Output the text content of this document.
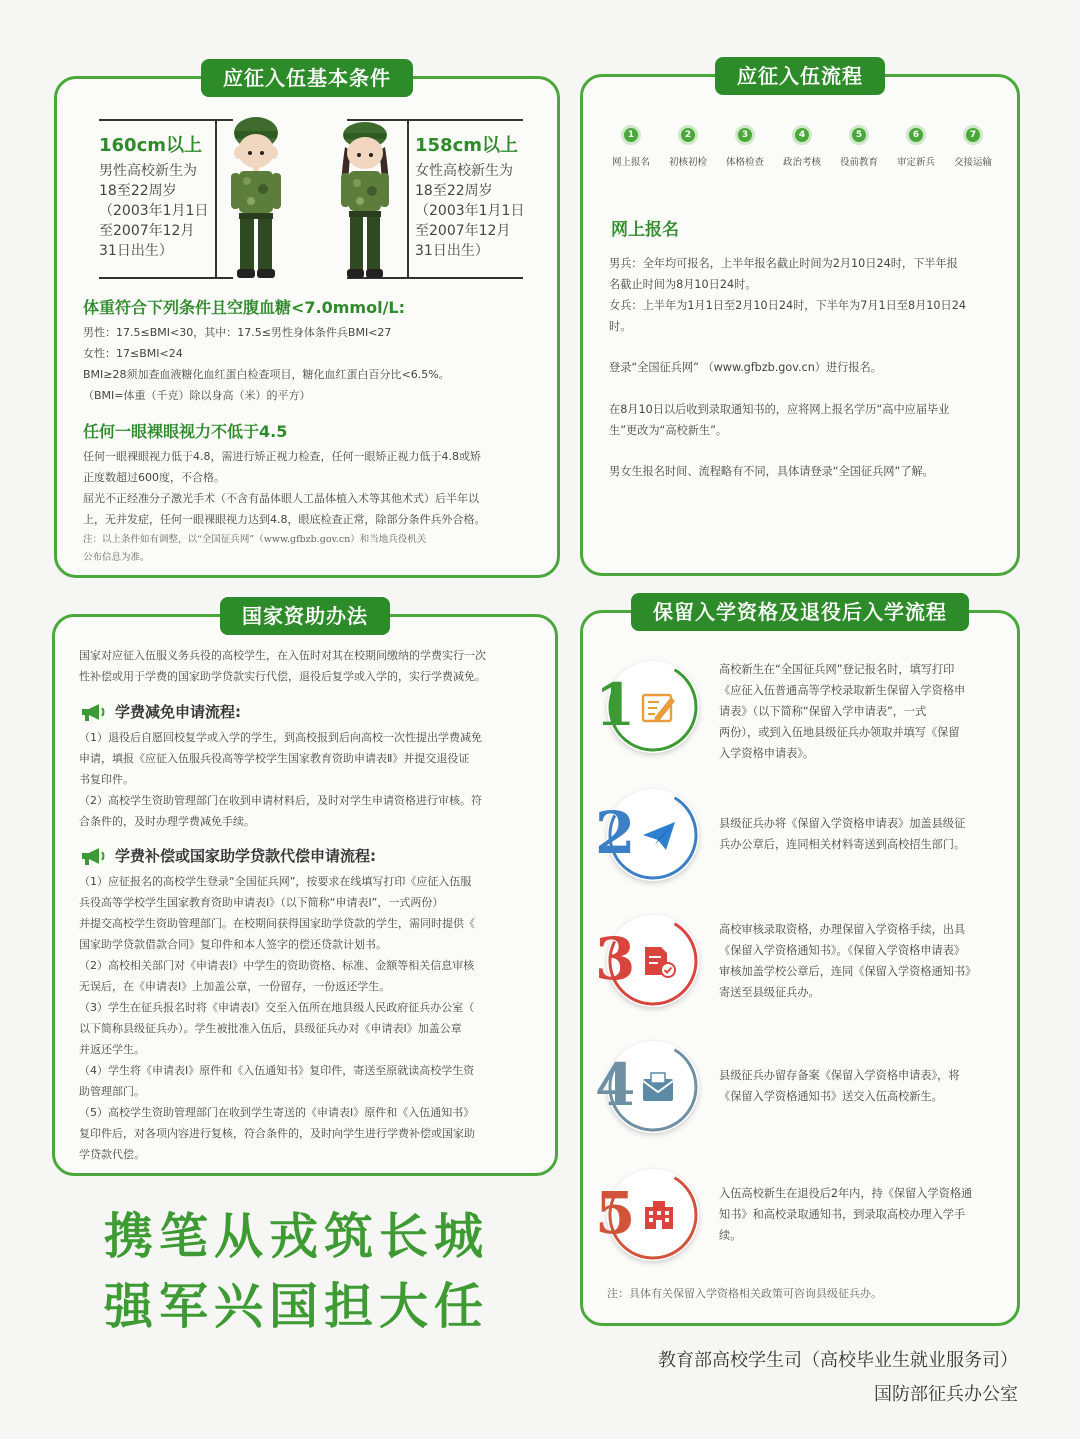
应征入伍基本条件
160cm以上
男性高校新生为
18至22周岁
（2003年1月1日
至2007年12月
31日出生）
158cm以上
女性高校新生为
18至22周岁
（2003年1月1日
至2007年12月
31日出生）
体重符合下列条件且空腹血糖<7.0mmol/L:
男性：17.5≤BMI<30，其中：17.5≤男性身体条件兵BMI<27
女性：17≤BMI<24
BMI≥28须加查血液糖化血红蛋白检查项目，糖化血红蛋白百分比<6.5%。
（BMI=体重（千克）除以身高（米）的平方）
任何一眼裸眼视力不低于4.5
任何一眼裸眼视力低于4.8，需进行矫正视力检查，任何一眼矫正视力低于4.8或矫
正度数超过600度，不合格。
屈光不正经准分子激光手术（不含有晶体眼人工晶体植入术等其他术式）后半年以
上，无并发症，任何一眼裸眼视力达到4.8，眼底检查正常，除部分条件兵外合格。
注：以上条件如有调整，以“全国征兵网”（www.gfbzb.gov.cn）和当地兵役机关
公布信息为准。
应征入伍流程
1
网上报名
2
初核初检
3
体格检查
4
政治考核
5
役前教育
6
审定新兵
7
交接运输
网上报名
男兵：全年均可报名，上半年报名截止时间为2月10日24时，下半年报
名截止时间为8月10日24时。
女兵：上半年为1月1日至2月10日24时，下半年为7月1日至8月10日24
时。
登录“全国征兵网” （www.gfbzb.gov.cn）进行报名。
在8月10日以后收到录取通知书的，应将网上报名学历“高中应届毕业
生”更改为“高校新生”。
男女生报名时间、流程略有不同，具体请登录“全国征兵网”了解。
国家资助办法
国家对应征入伍服义务兵役的高校学生，在入伍时对其在校期间缴纳的学费实行一次
性补偿或用于学费的国家助学贷款实行代偿，退役后复学或入学的，实行学费减免。
学费减免申请流程:
（1）退役后自愿回校复学或入学的学生，到高校报到后向高校一次性提出学费减免
申请，填报《应征入伍服兵役高等学校学生国家教育资助申请表Ⅱ》并提交退役证
书复印件。
（2）高校学生资助管理部门在收到申请材料后，及时对学生申请资格进行审核。符
合条件的，及时办理学费减免手续。
学费补偿或国家助学贷款代偿申请流程:
（1）应征报名的高校学生登录“全国征兵网”，按要求在线填写打印《应征入伍服
兵役高等学校学生国家教育资助申请表Ⅰ》（以下简称“申请表Ⅰ”，一式两份）
并提交高校学生资助管理部门。在校期间获得国家助学贷款的学生，需同时提供《
国家助学贷款借款合同》复印件和本人签字的偿还贷款计划书。
（2）高校相关部门对《申请表Ⅰ》中学生的资助资格、标准、金额等相关信息审核
无误后，在《申请表Ⅰ》上加盖公章，一份留存，一份返还学生。
（3）学生在征兵报名时将《申请表Ⅰ》交至入伍所在地县级人民政府征兵办公室（
以下简称县级征兵办）。学生被批准入伍后，县级征兵办对《申请表Ⅰ》加盖公章
并返还学生。
（4）学生将《申请表Ⅰ》原件和《入伍通知书》复印件，寄送至原就读高校学生资
助管理部门。
（5）高校学生资助管理部门在收到学生寄送的《申请表Ⅰ》原件和《入伍通知书》
复印件后，对各项内容进行复核，符合条件的，及时向学生进行学费补偿或国家助
学贷款代偿。
保留入学资格及退役后入学流程
1
高校新生在“全国征兵网”登记报名时，填写打印
《应征入伍普通高等学校录取新生保留入学资格申
请表》（以下简称“保留入学申请表”，一式
两份），或到入伍地县级征兵办领取并填写《保留
入学资格申请表》。
2	县级征兵办将《保留入学资格申请表》加盖县级征
兵办公章后，连同相关材料寄送到高校招生部门。
3	高校审核录取资格，办理保留入学资格手续，出具
《保留入学资格通知书》。《保留入学资格申请表》
审核加盖学校公章后，连同《保留入学资格通知书》
寄送至县级征兵办。
4	县级征兵办留存备案《保留入学资格申请表》，将
《保留入学资格通知书》送交入伍高校新生。
5	入伍高校新生在退役后2年内，持《保留入学资格通
知书》和高校录取通知书，到录取高校办理入学手
续。
注：具体有关保留入学资格相关政策可咨询县级征兵办。
携笔从戎筑长城
强军兴国担大任
教育部高校学生司（高校毕业生就业服务司）
国防部征兵办公室
